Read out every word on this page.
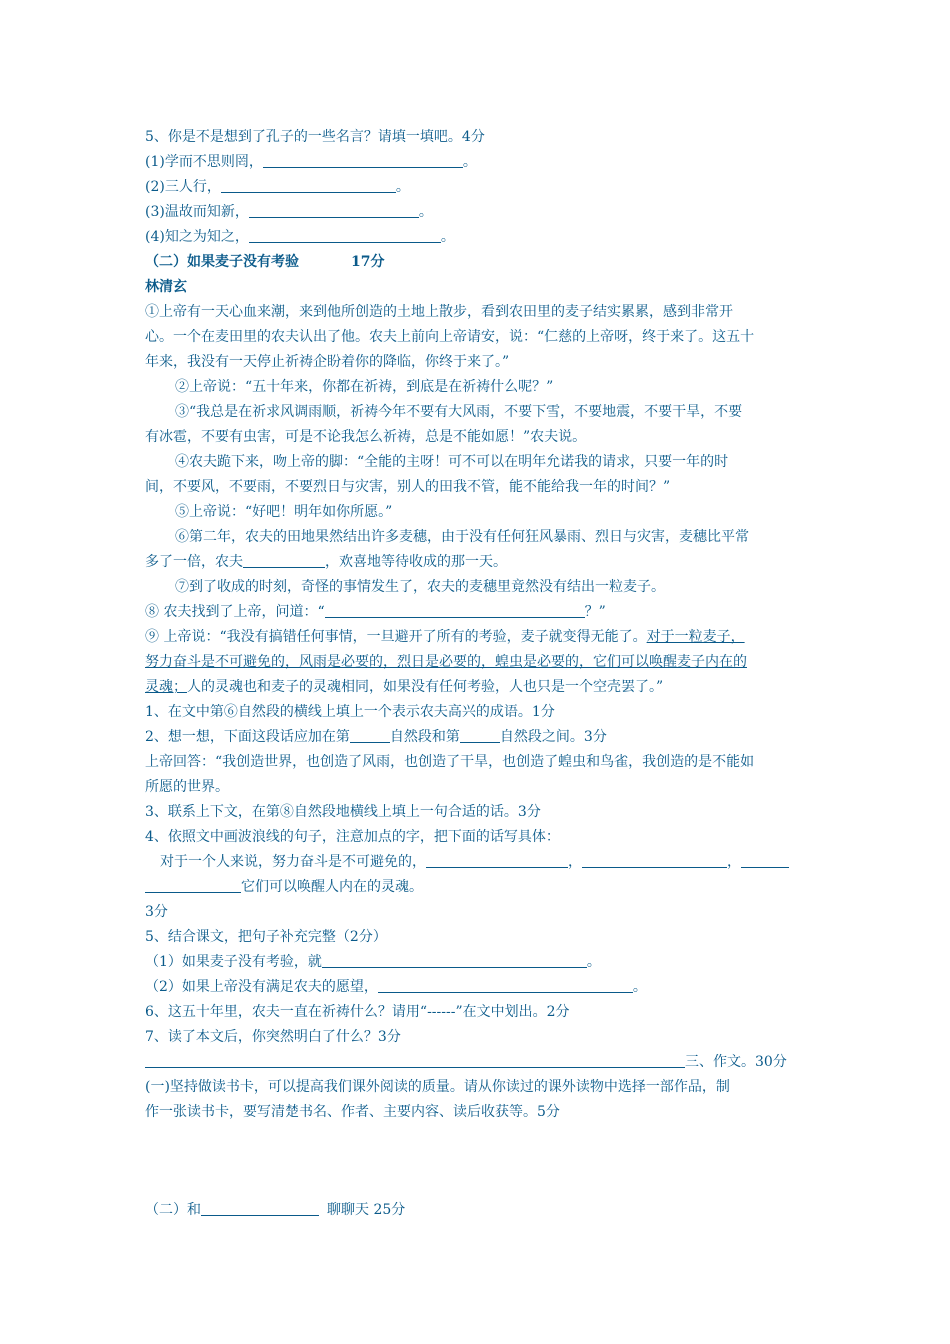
5、你是不是想到了孔子的一些名言？请填一填吧。4分
(1)学而不思则罔，	。
(2)三人行，	。
(3)温故而知新，	。
(4)知之为知之，	。
（二）如果麦子没有考验	17分
林清玄
①上帝有一天心血来潮，来到他所创造的土地上散步，看到农田里的麦子结实累累，感到非常开
心。一个在麦田里的农夫认出了他。农夫上前向上帝请安，说：“仁慈的上帝呀，终于来了。这五十
年来，我没有一天停止祈祷企盼着你的降临，你终于来了。”
②上帝说：“五十年来，你都在祈祷，到底是在祈祷什么呢？”
③“我总是在祈求风调雨顺，祈祷今年不要有大风雨，不要下雪，不要地震，不要干旱，不要
有冰雹，不要有虫害，可是不论我怎么祈祷，总是不能如愿！”农夫说。
④农夫跪下来，吻上帝的脚：“全能的主呀！可不可以在明年允诺我的请求，只要一年的时
间，不要风，不要雨，不要烈日与灾害，别人的田我不管，能不能给我一年的时间？”
⑤上帝说：“好吧！明年如你所愿。”
⑥第二年，农夫的田地果然结出许多麦穗，由于没有任何狂风暴雨、烈日与灾害，麦穗比平常
多了一倍，农夫	，欢喜地等待收成的那一天。
⑦到了收成的时刻，奇怪的事情发生了，农夫的麦穗里竟然没有结出一粒麦子。
⑧ 农夫找到了上帝，问道：“	？”
⑨ 上帝说：“我没有搞错任何事情，一旦避开了所有的考验，麦子就变得无能了。对于一粒麦子，
努力奋斗是不可避免的，风雨是必要的，烈日是必要的，蝗虫是必要的，它们可以唤醒麦子内在的
灵魂；人的灵魂也和麦子的灵魂相同，如果没有任何考验，人也只是一个空壳罢了。”
1、在文中第⑥自然段的横线上填上一个表示农夫高兴的成语。1分
2、想一想，下面这段话应加在第	自然段和第	自然段之间。3分
上帝回答：“我创造世界，也创造了风雨，也创造了干旱，也创造了蝗虫和鸟雀，我创造的是不能如
所愿的世界。
3、联系上下文，在第⑧自然段地横线上填上一句合适的话。3分
4、依照文中画波浪线的句子，注意加点的字，把下面的话写具体：
对于一个人来说，努力奋斗是不可避免的，	，	，
它们可以唤醒人内在的灵魂。
3分
5、结合课文，把句子补充完整（2分）
（1）如果麦子没有考验，就	。
（2）如果上帝没有满足农夫的愿望，	。
6、这五十年里，农夫一直在祈祷什么？请用“------”在文中划出。2分
7、读了本文后，你突然明白了什么？3分
三、作文。30分
(一)坚持做读书卡，可以提高我们课外阅读的质量。请从你读过的课外读物中选择一部作品，制
作一张读书卡，要写清楚书名、作者、主要内容、读后收获等。5分
（二）和	聊聊天 25分
